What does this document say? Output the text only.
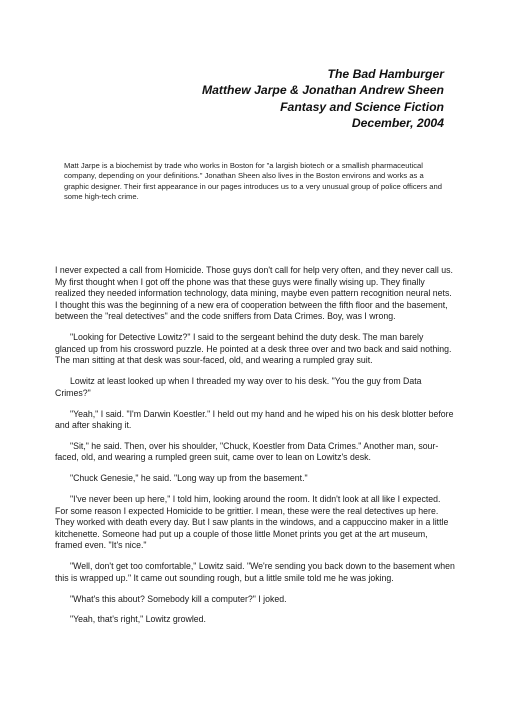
The Bad Hamburger
Matthew Jarpe & Jonathan Andrew Sheen
Fantasy and Science Fiction
December, 2004
Matt Jarpe is a biochemist by trade who works in Boston for "a largish biotech or a smallish pharmaceutical company, depending on your definitions." Jonathan Sheen also lives in the Boston environs and works as a graphic designer. Their first appearance in our pages introduces us to a very unusual group of police officers and some high-tech crime.

I never expected a call from Homicide. Those guys don't call for help very often, and they never call us. My first thought when I got off the phone was that these guys were finally wising up. They finally realized they needed information technology, data mining, maybe even pattern recognition neural nets. I thought this was the beginning of a new era of cooperation between the fifth floor and the basement, between the "real detectives" and the code sniffers from Data Crimes. Boy, was I wrong.

"Looking for Detective Lowitz?" I said to the sergeant behind the duty desk. The man barely glanced up from his crossword puzzle. He pointed at a desk three over and two back and said nothing. The man sitting at that desk was sour-faced, old, and wearing a rumpled gray suit.

Lowitz at least looked up when I threaded my way over to his desk. "You the guy from Data Crimes?"

"Yeah," I said. "I'm Darwin Koestler." I held out my hand and he wiped his on his desk blotter before and after shaking it.

"Sit," he said. Then, over his shoulder, "Chuck, Koestler from Data Crimes." Another man, sour-faced, old, and wearing a rumpled green suit, came over to lean on Lowitz's desk.

"Chuck Genesie," he said. "Long way up from the basement."

"I've never been up here," I told him, looking around the room. It didn't look at all like I expected. For some reason I expected Homicide to be grittier. I mean, these were the real detectives up here. They worked with death every day. But I saw plants in the windows, and a cappuccino maker in a little kitchenette. Someone had put up a couple of those little Monet prints you get at the art museum, framed even. "It's nice."

"Well, don't get too comfortable," Lowitz said. "We're sending you back down to the basement when this is wrapped up." It came out sounding rough, but a little smile told me he was joking.

"What's this about? Somebody kill a computer?" I joked.

"Yeah, that's right," Lowitz growled.
